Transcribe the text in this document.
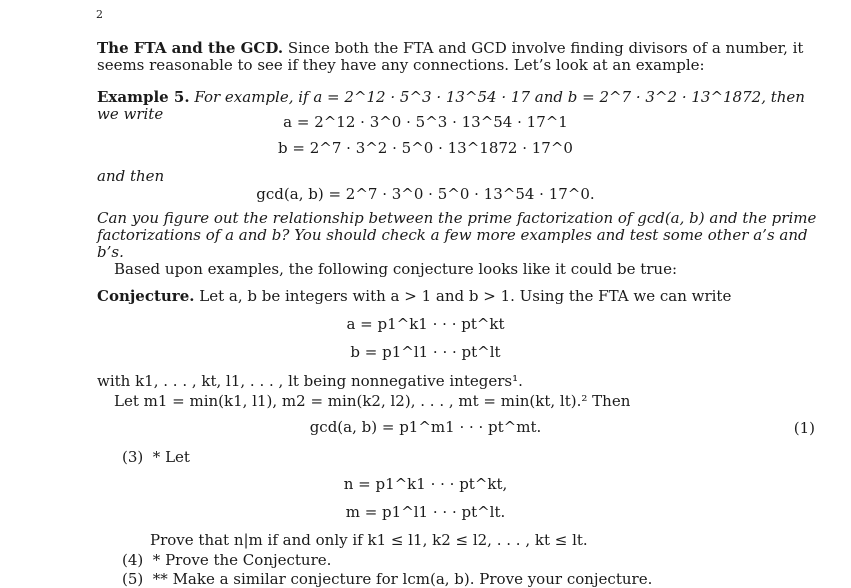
2
The FTA and the GCD. Since both the FTA and GCD involve finding divisors of a number, it seems reasonable to see if they have any connections. Let’s look at an example:
Example 5. For example, if a = 2^12 · 5^3 · 13^54 · 17 and b = 2^7 · 3^2 · 13^1872, then we write	a = 2^12 · 3^0 · 5^3 · 13^54 · 17^1
b = 2^7 · 3^2 · 5^0 · 13^1872 · 17^0
and then
gcd(a, b) = 2^7 · 3^0 · 5^0 · 13^54 · 17^0.
Can you figure out the relationship between the prime factorization of gcd(a, b) and the prime factorizations of a and b? You should check a few more examples and test some other a’s and b’s.
Based upon examples, the following conjecture looks like it could be true:
Conjecture. Let a, b be integers with a > 1 and b > 1. Using the FTA we can write
a = p1^k1 · · · pt^kt
b = p1^l1 · · · pt^lt
with k1, . . . , kt, l1, . . . , lt being nonnegative integers¹.
Let m1 = min(k1, l1), m2 = min(k2, l2), . . . , mt = min(kt, lt).² Then
gcd(a, b) = p1^m1 · · · pt^mt.	(1)
(3) * Let
n = p1^k1 · · · pt^kt,
m = p1^l1 · · · pt^lt.
Prove that n|m if and only if k1 ≤ l1, k2 ≤ l2, . . . , kt ≤ lt.
(4) * Prove the Conjecture.
(5) ** Make a similar conjecture for lcm(a, b). Prove your conjecture.
